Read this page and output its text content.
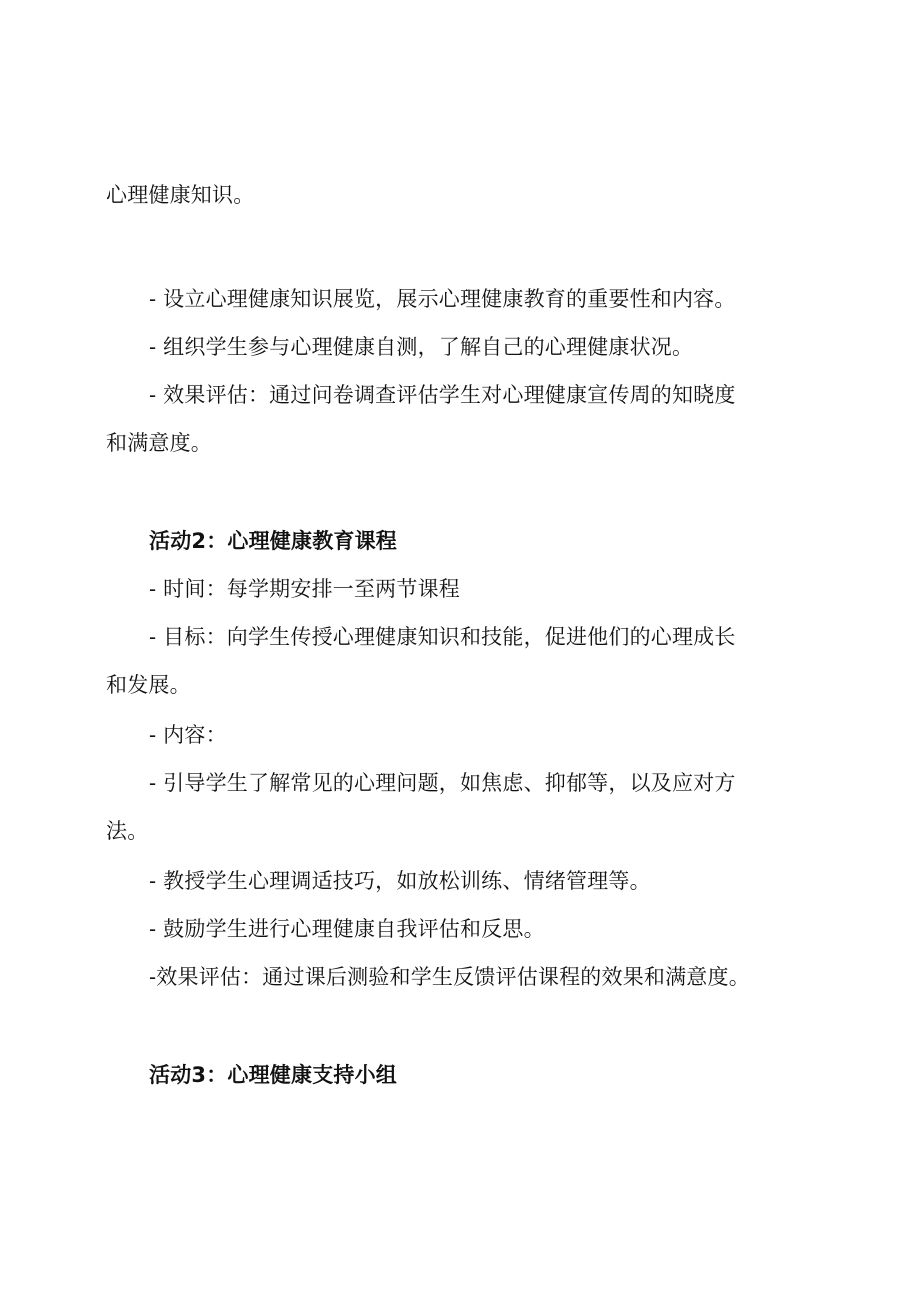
心理健康知识。
- 设立心理健康知识展览，展示心理健康教育的重要性和内容。
- 组织学生参与心理健康自测，了解自己的心理健康状况。
- 效果评估：通过问卷调查评估学生对心理健康宣传周的知晓度
和满意度。
活动2：心理健康教育课程
- 时间：每学期安排一至两节课程
- 目标：向学生传授心理健康知识和技能，促进他们的心理成长
和发展。
- 内容：
- 引导学生了解常见的心理问题，如焦虑、抑郁等，以及应对方
法。
- 教授学生心理调适技巧，如放松训练、情绪管理等。
- 鼓励学生进行心理健康自我评估和反思。
-效果评估：通过课后测验和学生反馈评估课程的效果和满意度。
活动3：心理健康支持小组
